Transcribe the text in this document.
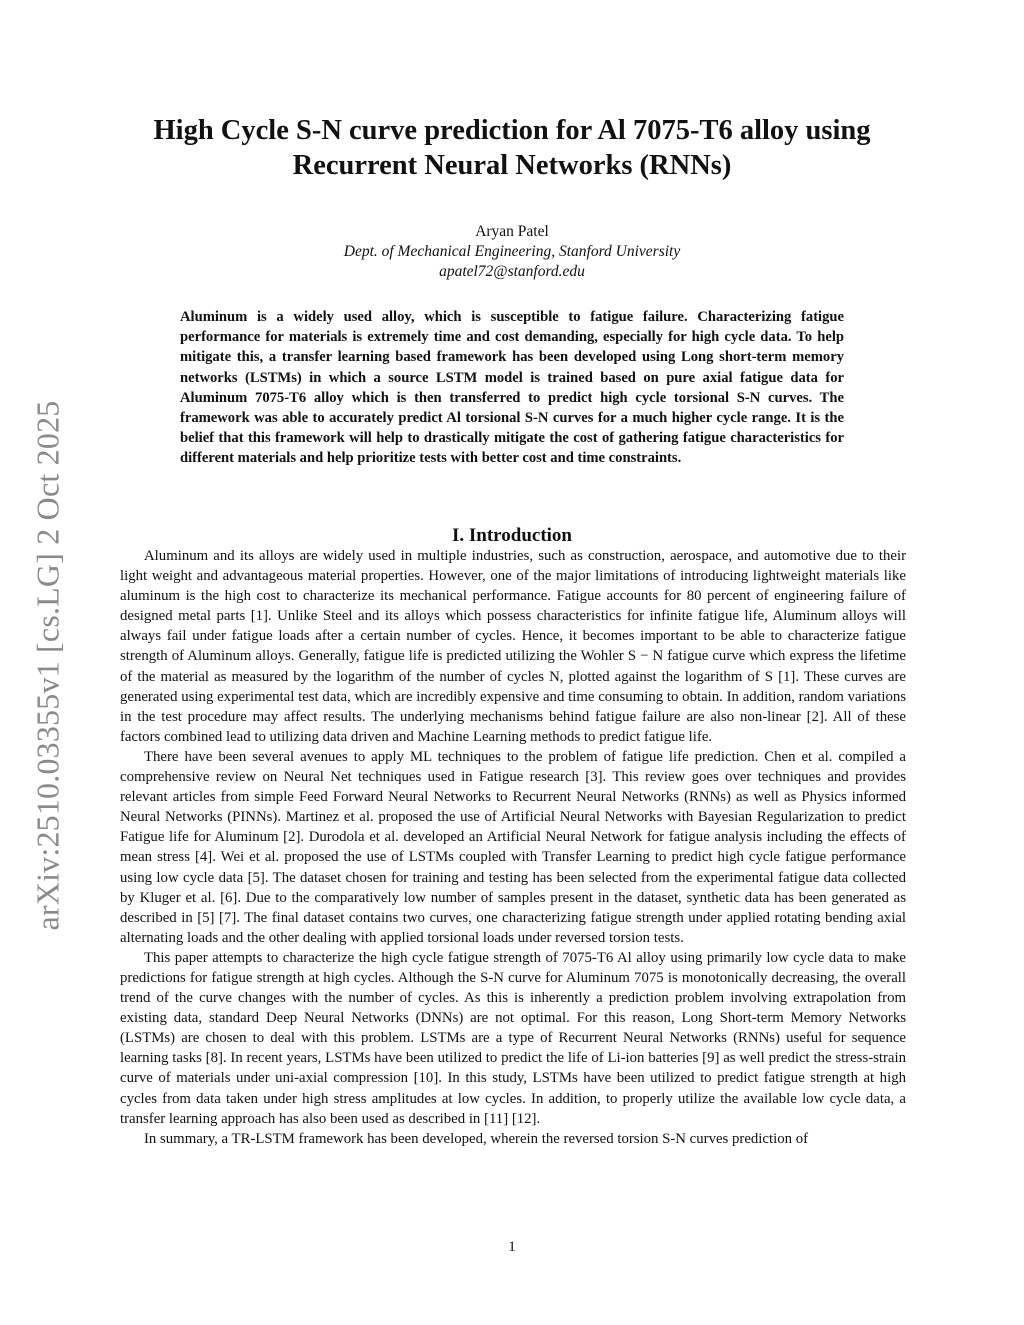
arXiv:2510.03355v1 [cs.LG] 2 Oct 2025
High Cycle S-N curve prediction for Al 7075-T6 alloy using Recurrent Neural Networks (RNNs)
Aryan Patel
Dept. of Mechanical Engineering, Stanford University
apatel72@stanford.edu

Aluminum is a widely used alloy, which is susceptible to fatigue failure. Characterizing fatigue performance for materials is extremely time and cost demanding, especially for high cycle data. To help mitigate this, a transfer learning based framework has been developed using Long short-term memory networks (LSTMs) in which a source LSTM model is trained based on pure axial fatigue data for Aluminum 7075-T6 alloy which is then transferred to predict high cycle torsional S-N curves. The framework was able to accurately predict Al torsional S-N curves for a much higher cycle range. It is the belief that this framework will help to drastically mitigate the cost of gathering fatigue characteristics for different materials and help prioritize tests with better cost and time constraints.

I. Introduction

Aluminum and its alloys are widely used in multiple industries, such as construction, aerospace, and automotive due to their light weight and advantageous material properties. However, one of the major limitations of introducing lightweight materials like aluminum is the high cost to characterize its mechanical performance. Fatigue accounts for 80 percent of engineering failure of designed metal parts [1]. Unlike Steel and its alloys which possess characteristics for infinite fatigue life, Aluminum alloys will always fail under fatigue loads after a certain number of cycles. Hence, it becomes important to be able to characterize fatigue strength of Aluminum alloys. Generally, fatigue life is predicted utilizing the Wohler S − N fatigue curve which express the lifetime of the material as measured by the logarithm of the number of cycles N, plotted against the logarithm of S [1]. These curves are generated using experimental test data, which are incredibly expensive and time consuming to obtain. In addition, random variations in the test procedure may affect results. The underlying mechanisms behind fatigue failure are also non-linear [2]. All of these factors combined lead to utilizing data driven and Machine Learning methods to predict fatigue life.

There have been several avenues to apply ML techniques to the problem of fatigue life prediction. Chen et al. compiled a comprehensive review on Neural Net techniques used in Fatigue research [3]. This review goes over techniques and provides relevant articles from simple Feed Forward Neural Networks to Recurrent Neural Networks (RNNs) as well as Physics informed Neural Networks (PINNs). Martinez et al. proposed the use of Artificial Neural Networks with Bayesian Regularization to predict Fatigue life for Aluminum [2]. Durodola et al. developed an Artificial Neural Network for fatigue analysis including the effects of mean stress [4]. Wei et al. proposed the use of LSTMs coupled with Transfer Learning to predict high cycle fatigue performance using low cycle data [5]. The dataset chosen for training and testing has been selected from the experimental fatigue data collected by Kluger et al. [6]. Due to the comparatively low number of samples present in the dataset, synthetic data has been generated as described in [5] [7]. The final dataset contains two curves, one characterizing fatigue strength under applied rotating bending axial alternating loads and the other dealing with applied torsional loads under reversed torsion tests.

This paper attempts to characterize the high cycle fatigue strength of 7075-T6 Al alloy using primarily low cycle data to make predictions for fatigue strength at high cycles. Although the S-N curve for Aluminum 7075 is monotonically decreasing, the overall trend of the curve changes with the number of cycles. As this is inherently a prediction problem involving extrapolation from existing data, standard Deep Neural Networks (DNNs) are not optimal. For this reason, Long Short-term Memory Networks (LSTMs) are chosen to deal with this problem. LSTMs are a type of Recurrent Neural Networks (RNNs) useful for sequence learning tasks [8]. In recent years, LSTMs have been utilized to predict the life of Li-ion batteries [9] as well predict the stress-strain curve of materials under uni-axial compression [10]. In this study, LSTMs have been utilized to predict fatigue strength at high cycles from data taken under high stress amplitudes at low cycles. In addition, to properly utilize the available low cycle data, a transfer learning approach has also been used as described in [11] [12].

In summary, a TR-LSTM framework has been developed, wherein the reversed torsion S-N curves prediction of

1
